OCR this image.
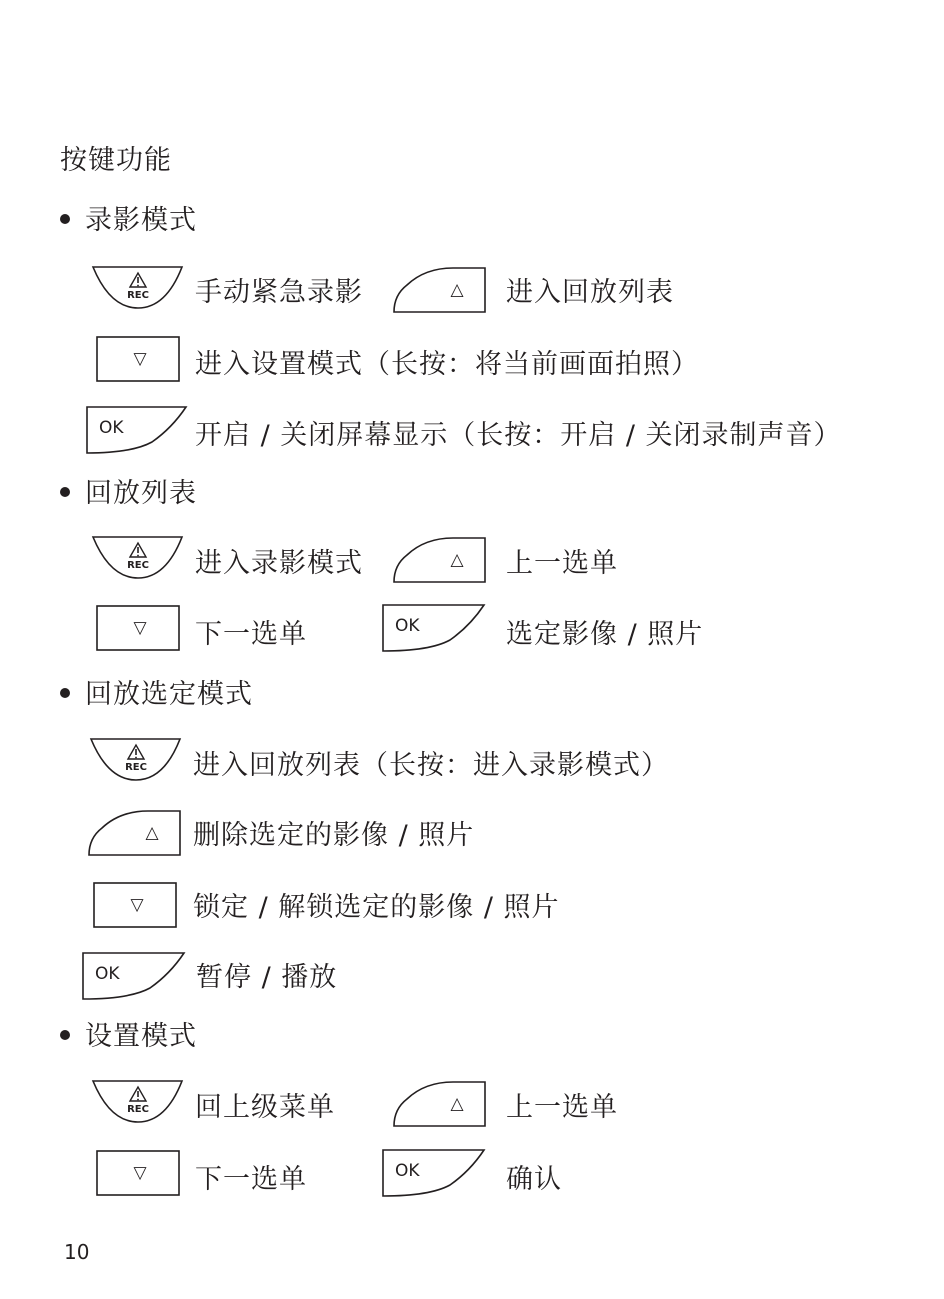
按键功能
录影模式
REC 手动紧急录影	△ 进入回放列表
▽ 进入设置模式（长按：将当前画面拍照）
OK	开启 / 关闭屏幕显示（长按：开启 / 关闭录制声音）
回放列表
REC 进入录影模式	△ 上一选单
▽ 下一选单	OK	选定影像 / 照片
回放选定模式
REC 进入回放列表（长按：进入录影模式）
△ 删除选定的影像 / 照片
▽ 锁定 / 解锁选定的影像 / 照片
OK	暂停 / 播放
设置模式
REC 回上级菜单	△ 上一选单
▽ 下一选单	OK	确认
10
